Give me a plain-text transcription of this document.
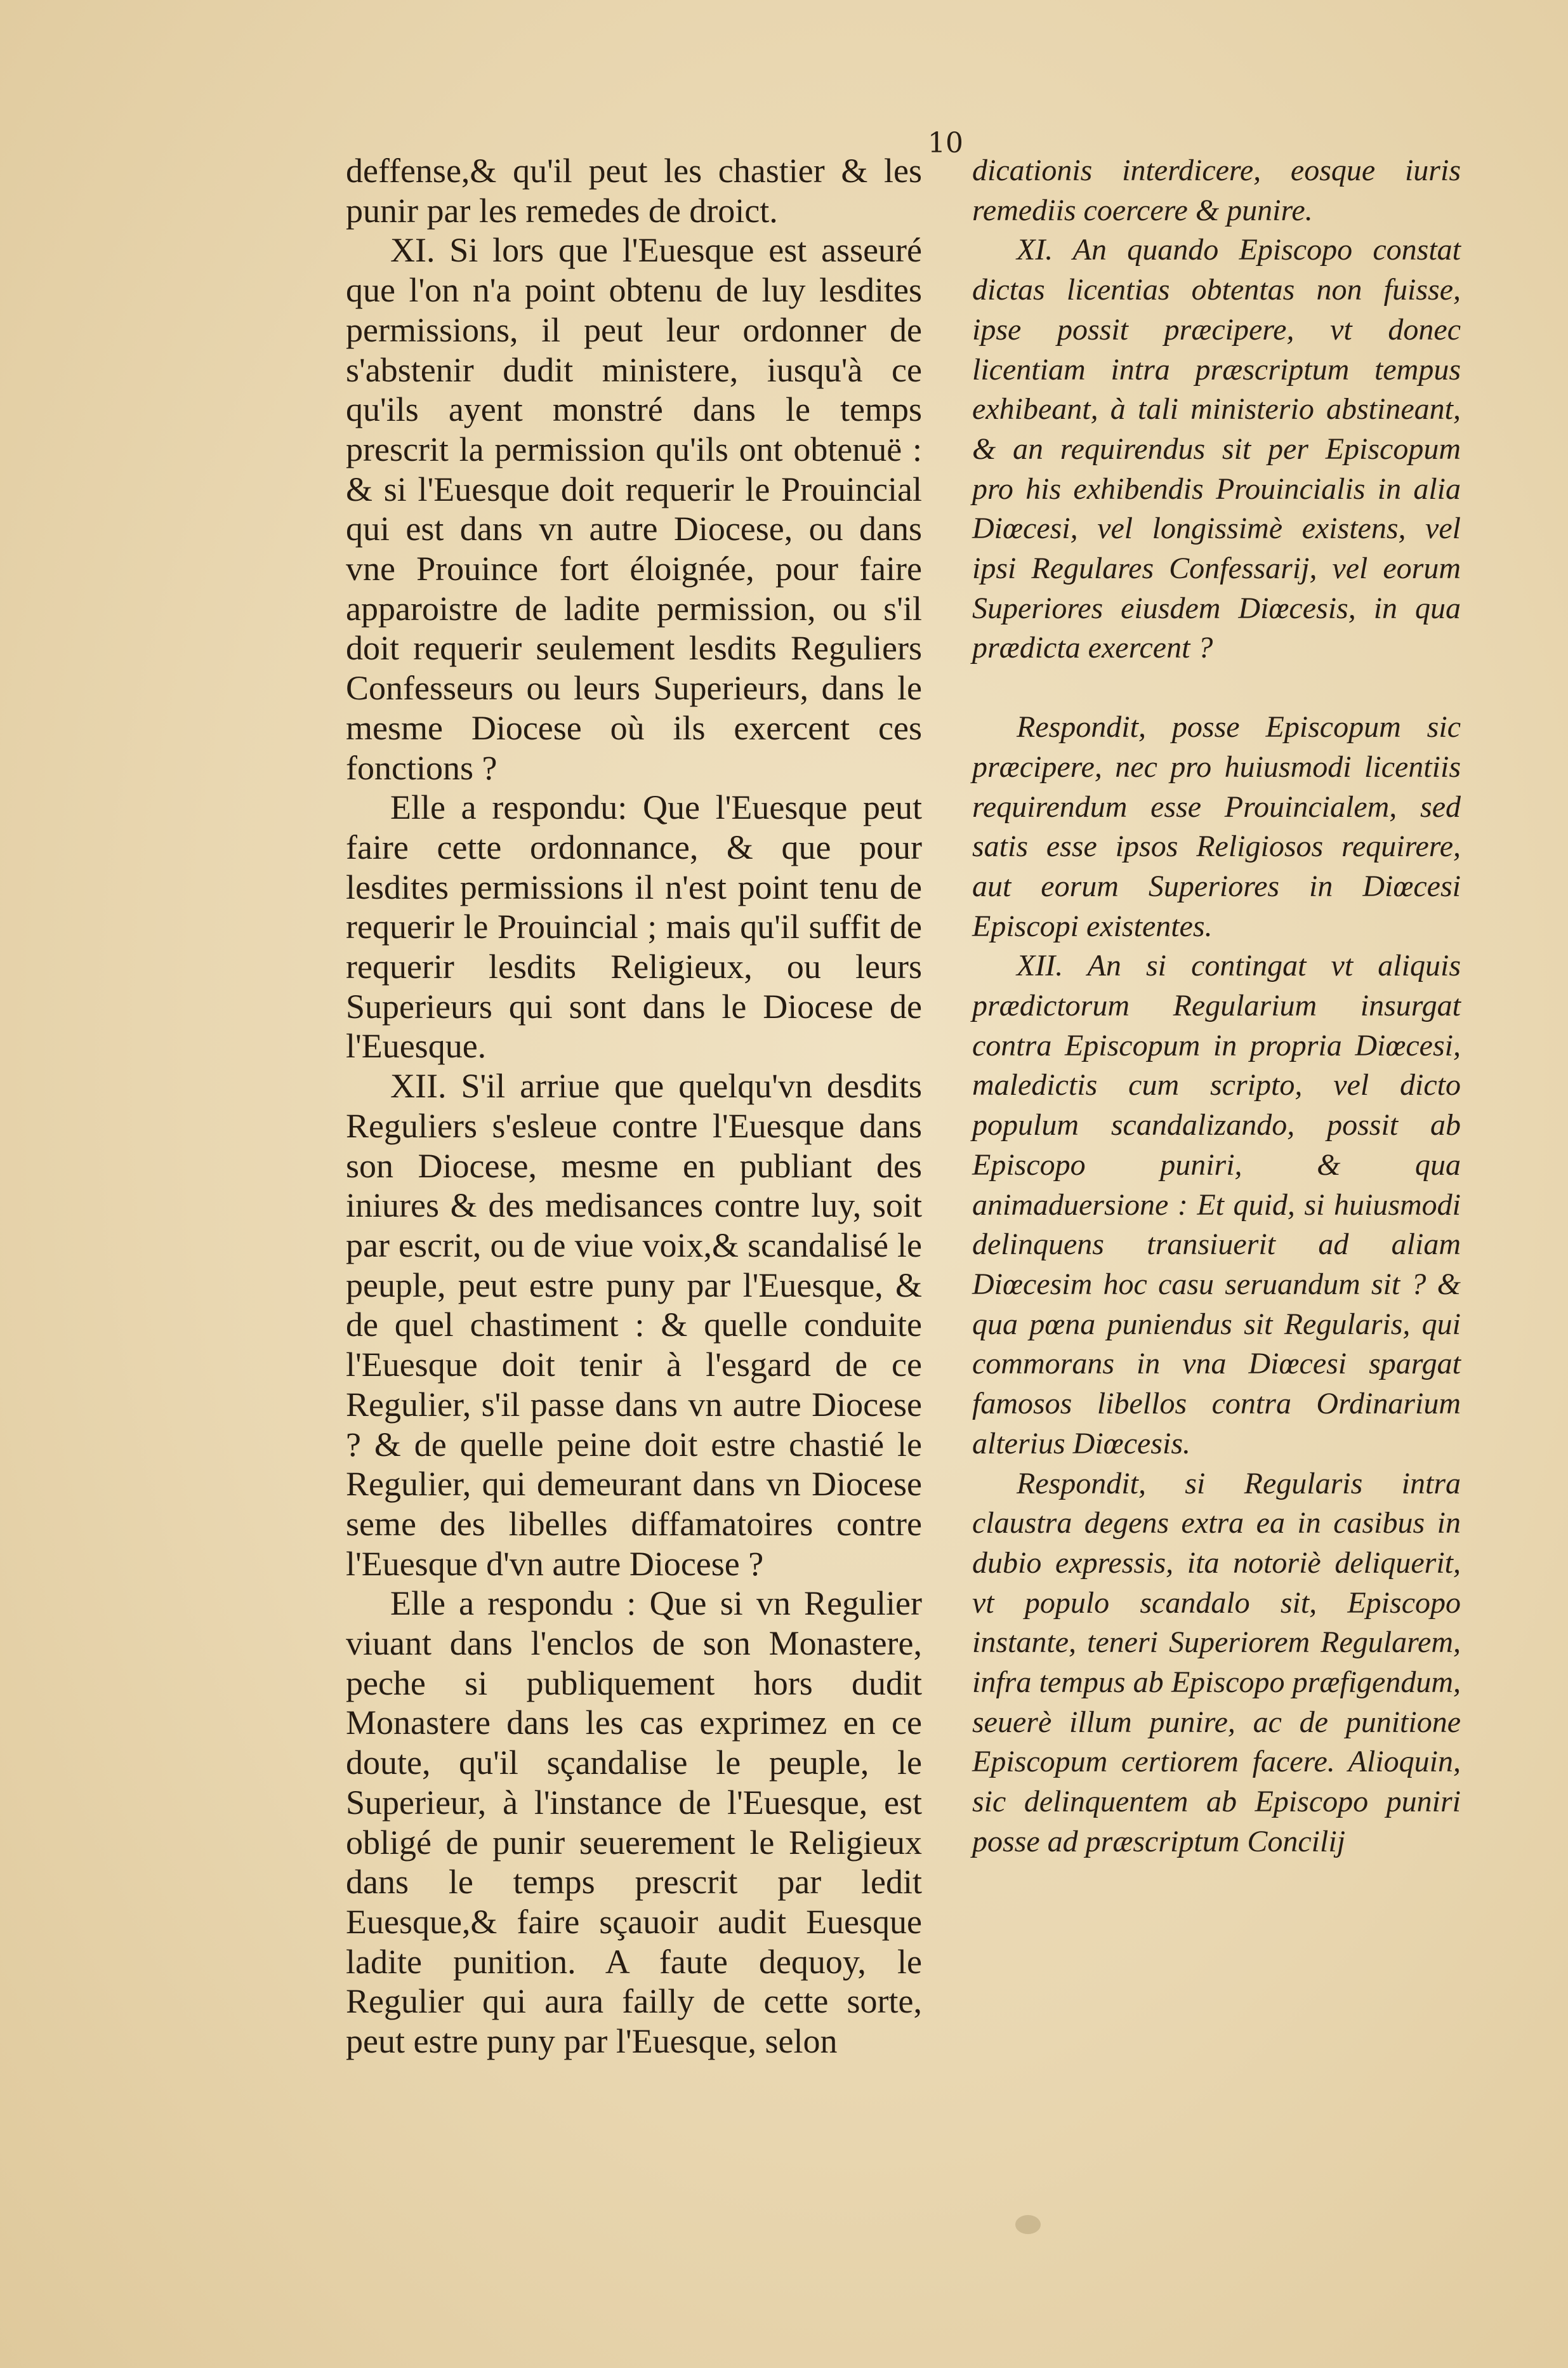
10

deffense,& qu'il peut les chastier & les punir par les remedes de droict.

XI. Si lors que l'Euesque est asseuré que l'on n'a point obtenu de luy lesdites permissions, il peut leur ordonner de s'abstenir dudit ministere, iusqu'à ce qu'ils ayent monstré dans le temps prescrit la permission qu'ils ont obtenuë : & si l'Euesque doit requerir le Prouincial qui est dans vn autre Diocese, ou dans vne Prouince fort éloignée, pour faire apparoistre de ladite permission, ou s'il doit requerir seulement lesdits Reguliers Confesseurs ou leurs Superieurs, dans le mesme Diocese où ils exercent ces fonctions ?

Elle a respondu: Que l'Euesque peut faire cette ordonnance, & que pour lesdites permissions il n'est point tenu de requerir le Prouincial ; mais qu'il suffit de requerir lesdits Religieux, ou leurs Superieurs qui sont dans le Diocese de l'Euesque.

XII. S'il arriue que quelqu'vn desdits Reguliers s'esleue contre l'Euesque dans son Diocese, mesme en publiant des iniures & des medisances contre luy, soit par escrit, ou de viue voix,& scandalisé le peuple, peut estre puny par l'Euesque, & de quel chastiment : & quelle conduite l'Euesque doit tenir à l'esgard de ce Regulier, s'il passe dans vn autre Diocese ? & de quelle peine doit estre chastié le Regulier, qui demeurant dans vn Diocese seme des libelles diffamatoires contre l'Euesque d'vn autre Diocese ?

Elle a respondu : Que si vn Regulier viuant dans l'enclos de son Monastere, peche si publiquement hors dudit Monastere dans les cas exprimez en ce doute, qu'il sçandalise le peuple, le Superieur, à l'instance de l'Euesque, est obligé de punir seuerement le Religieux dans le temps prescrit par ledit Euesque,& faire sçauoir audit Euesque ladite punition. A faute dequoy, le Regulier qui aura failly de cette sorte, peut estre puny par l'Euesque, selon

dicationis interdicere, eosque iuris remediis coercere & punire.

XI. An quando Episcopo constat dictas licentias obtentas non fuisse, ipse possit præcipere, vt donec licentiam intra præscriptum tempus exhibeant, à tali ministerio abstineant, & an requirendus sit per Episcopum pro his exhibendis Prouincialis in alia Diœcesi, vel longissimè existens, vel ipsi Regulares Confessarij, vel eorum Superiores eiusdem Diœcesis, in qua prædicta exercent ?

Respondit, posse Episcopum sic præcipere, nec pro huiusmodi licentiis requirendum esse Prouincialem, sed satis esse ipsos Religiosos requirere, aut eorum Superiores in Diœcesi Episcopi existentes.

XII. An si contingat vt aliquis prædictorum Regularium insurgat contra Episcopum in propria Diœcesi, maledictis cum scripto, vel dicto populum scandalizando, possit ab Episcopo puniri, & qua animaduersione : Et quid, si huiusmodi delinquens transiuerit ad aliam Diœcesim hoc casu seruandum sit ? & qua pœna puniendus sit Regularis, qui commorans in vna Diœcesi spargat famosos libellos contra Ordinarium alterius Diœcesis.

Respondit, si Regularis intra claustra degens extra ea in casibus in dubio expressis, ita notoriè deliquerit, vt populo scandalo sit, Episcopo instante, teneri Superiorem Regularem, infra tempus ab Episcopo præfigendum, seuerè illum punire, ac de punitione Episcopum certiorem facere. Alioquin, sic delinquentem ab Episcopo puniri posse ad præscriptum Concilij
